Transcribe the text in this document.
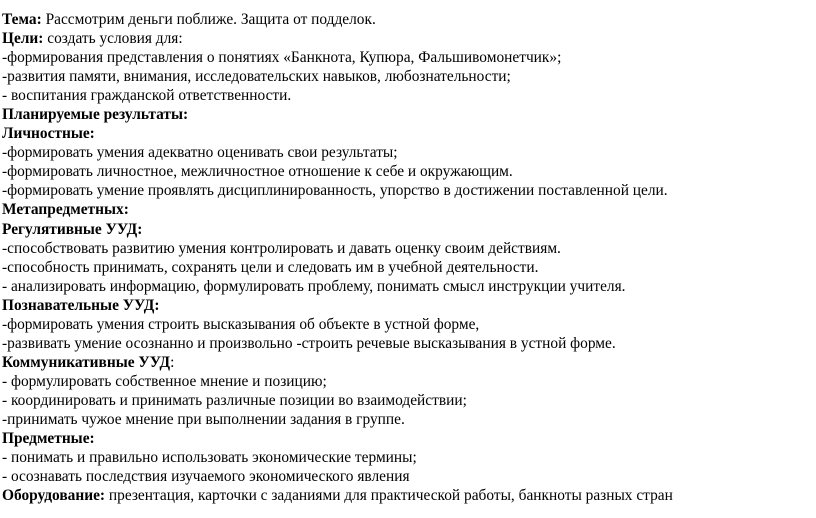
Тема: Рассмотрим деньги поближе. Защита от подделок.
Цели: создать условия для:
-формирования представления о понятиях «Банкнота, Купюра, Фальшивомонетчик»;
-развития памяти, внимания, исследовательских навыков, любознательности;
- воспитания гражданской ответственности.
Планируемые результаты:
Личностные:
-формировать умения адекватно оценивать свои результаты;
-формировать личностное, межличностное отношение к себе и окружающим.
-формировать умение проявлять дисциплинированность, упорство в достижении поставленной цели.
Метапредметных:
Регулятивные УУД:
-способствовать развитию умения контролировать и давать оценку своим действиям.
-способность принимать, сохранять цели и следовать им в учебной деятельности.
- анализировать информацию, формулировать проблему, понимать смысл инструкции учителя.
Познавательные УУД:
-формировать умения строить высказывания об объекте в устной форме,
-развивать умение осознанно и произвольно -строить речевые высказывания в устной форме.
Коммуникативные УУД:
- формулировать собственное мнение и позицию;
- координировать и принимать различные позиции во взаимодействии;
-принимать чужое мнение при выполнении задания в группе.
Предметные:
- понимать и правильно использовать экономические термины;
- осознавать последствия изучаемого экономического явления
Оборудование: презентация, карточки с заданиями для практической работы, банкноты разных стран
